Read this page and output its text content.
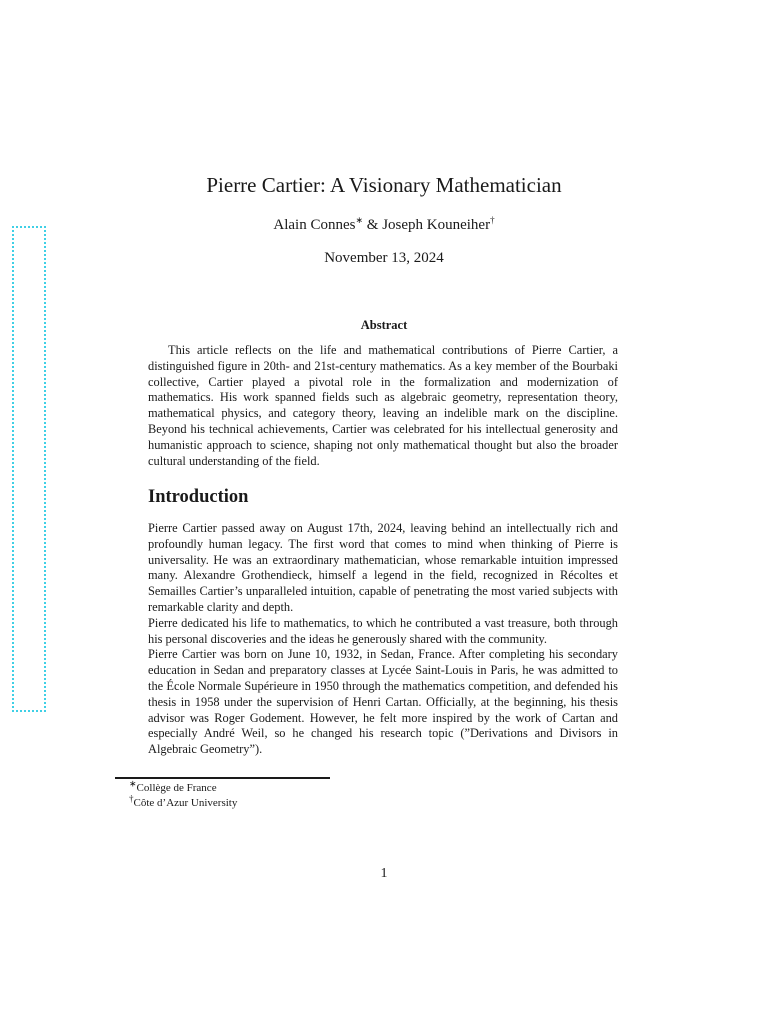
Pierre Cartier: A Visionary Mathematician
Alain Connes∗ & Joseph Kouneiher†
November 13, 2024
Abstract

This article reflects on the life and mathematical contributions of Pierre Cartier, a distinguished figure in 20th- and 21st-century mathematics. As a key member of the Bourbaki collective, Cartier played a pivotal role in the formalization and modernization of mathematics. His work spanned fields such as algebraic geometry, representation theory, mathematical physics, and category theory, leaving an indelible mark on the discipline. Beyond his technical achievements, Cartier was celebrated for his intellectual generosity and humanistic approach to science, shaping not only mathematical thought but also the broader cultural understanding of the field.

Introduction

Pierre Cartier passed away on August 17th, 2024, leaving behind an intellectually rich and profoundly human legacy. The first word that comes to mind when thinking of Pierre is universality. He was an extraordinary mathematician, whose remarkable intuition impressed many. Alexandre Grothendieck, himself a legend in the field, recognized in Récoltes et Semailles Cartier’s unparalleled intuition, capable of penetrating the most varied subjects with remarkable clarity and depth.

Pierre dedicated his life to mathematics, to which he contributed a vast treasure, both through his personal discoveries and the ideas he generously shared with the community.

Pierre Cartier was born on June 10, 1932, in Sedan, France. After completing his secondary education in Sedan and preparatory classes at Lycée Saint-Louis in Paris, he was admitted to the École Normale Supérieure in 1950 through the mathematics competition, and defended his thesis in 1958 under the supervision of Henri Cartan. Officially, at the beginning, his thesis advisor was Roger Godement. However, he felt more inspired by the work of Cartan and especially André Weil, so he changed his research topic (”Derivations and Divisors in Algebraic Geometry”).

∗Collège de France
†Côte d’Azur University
1
